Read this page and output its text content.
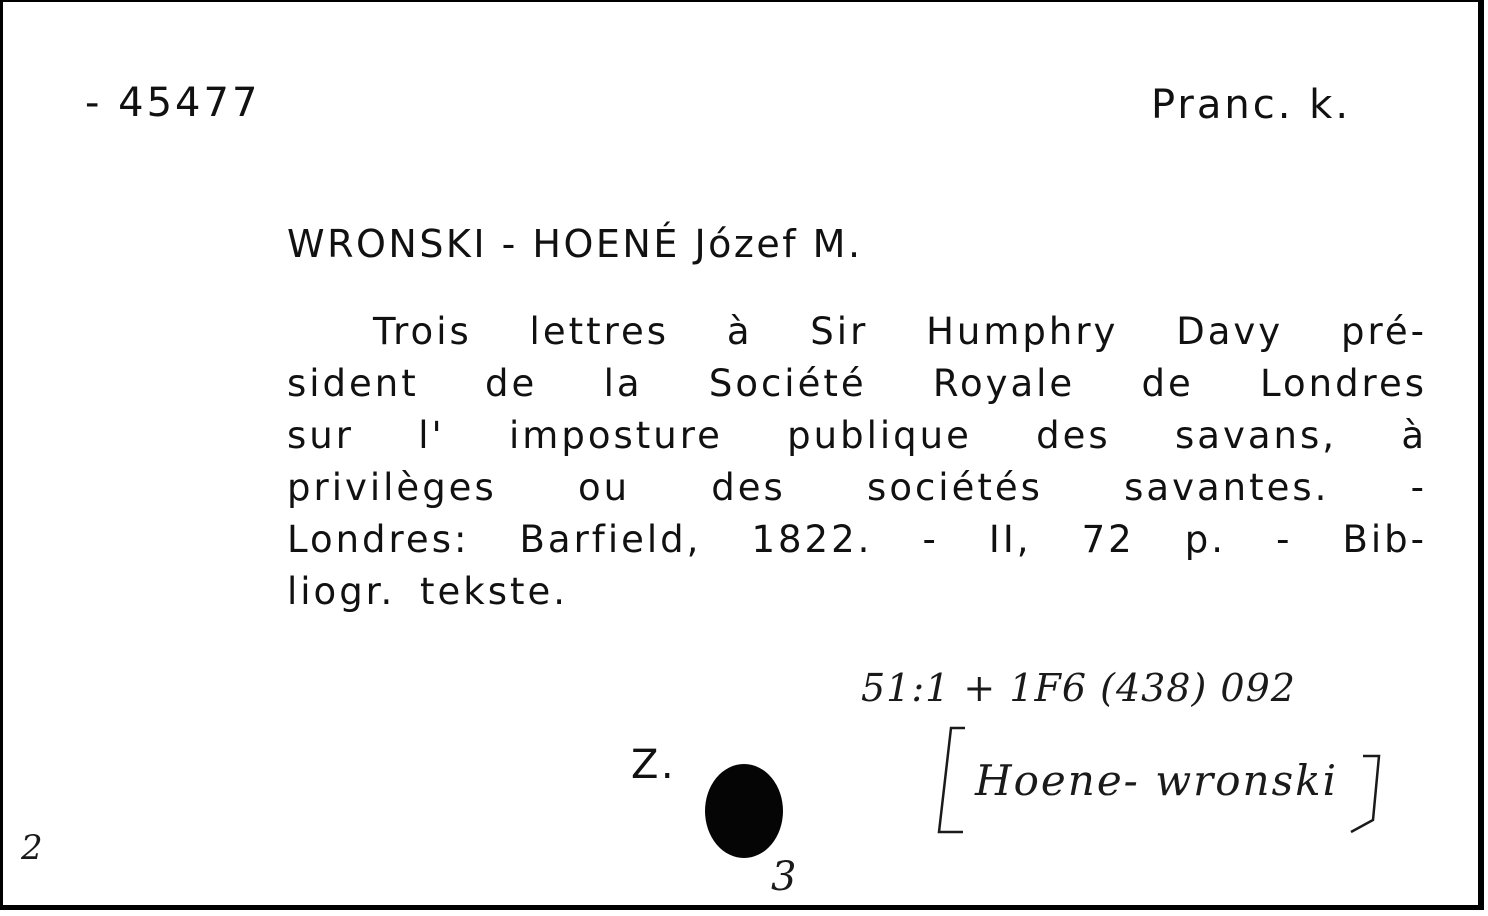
- 45477	Pranc. k.
WRONSKI - HOENÉ Józef M.
Trois lettres à Sir Humphry Davy pré-
sident de la Société Royale de Londres
sur l' imposture publique des savans, à
privilèges ou des sociétés savantes. -
Londres: Barfield, 1822. - II, 72 p. - Bib-
liogr. tekste.
51:1 + 1F6 (438) 092
Hoene- wronski
Z.
2
3
